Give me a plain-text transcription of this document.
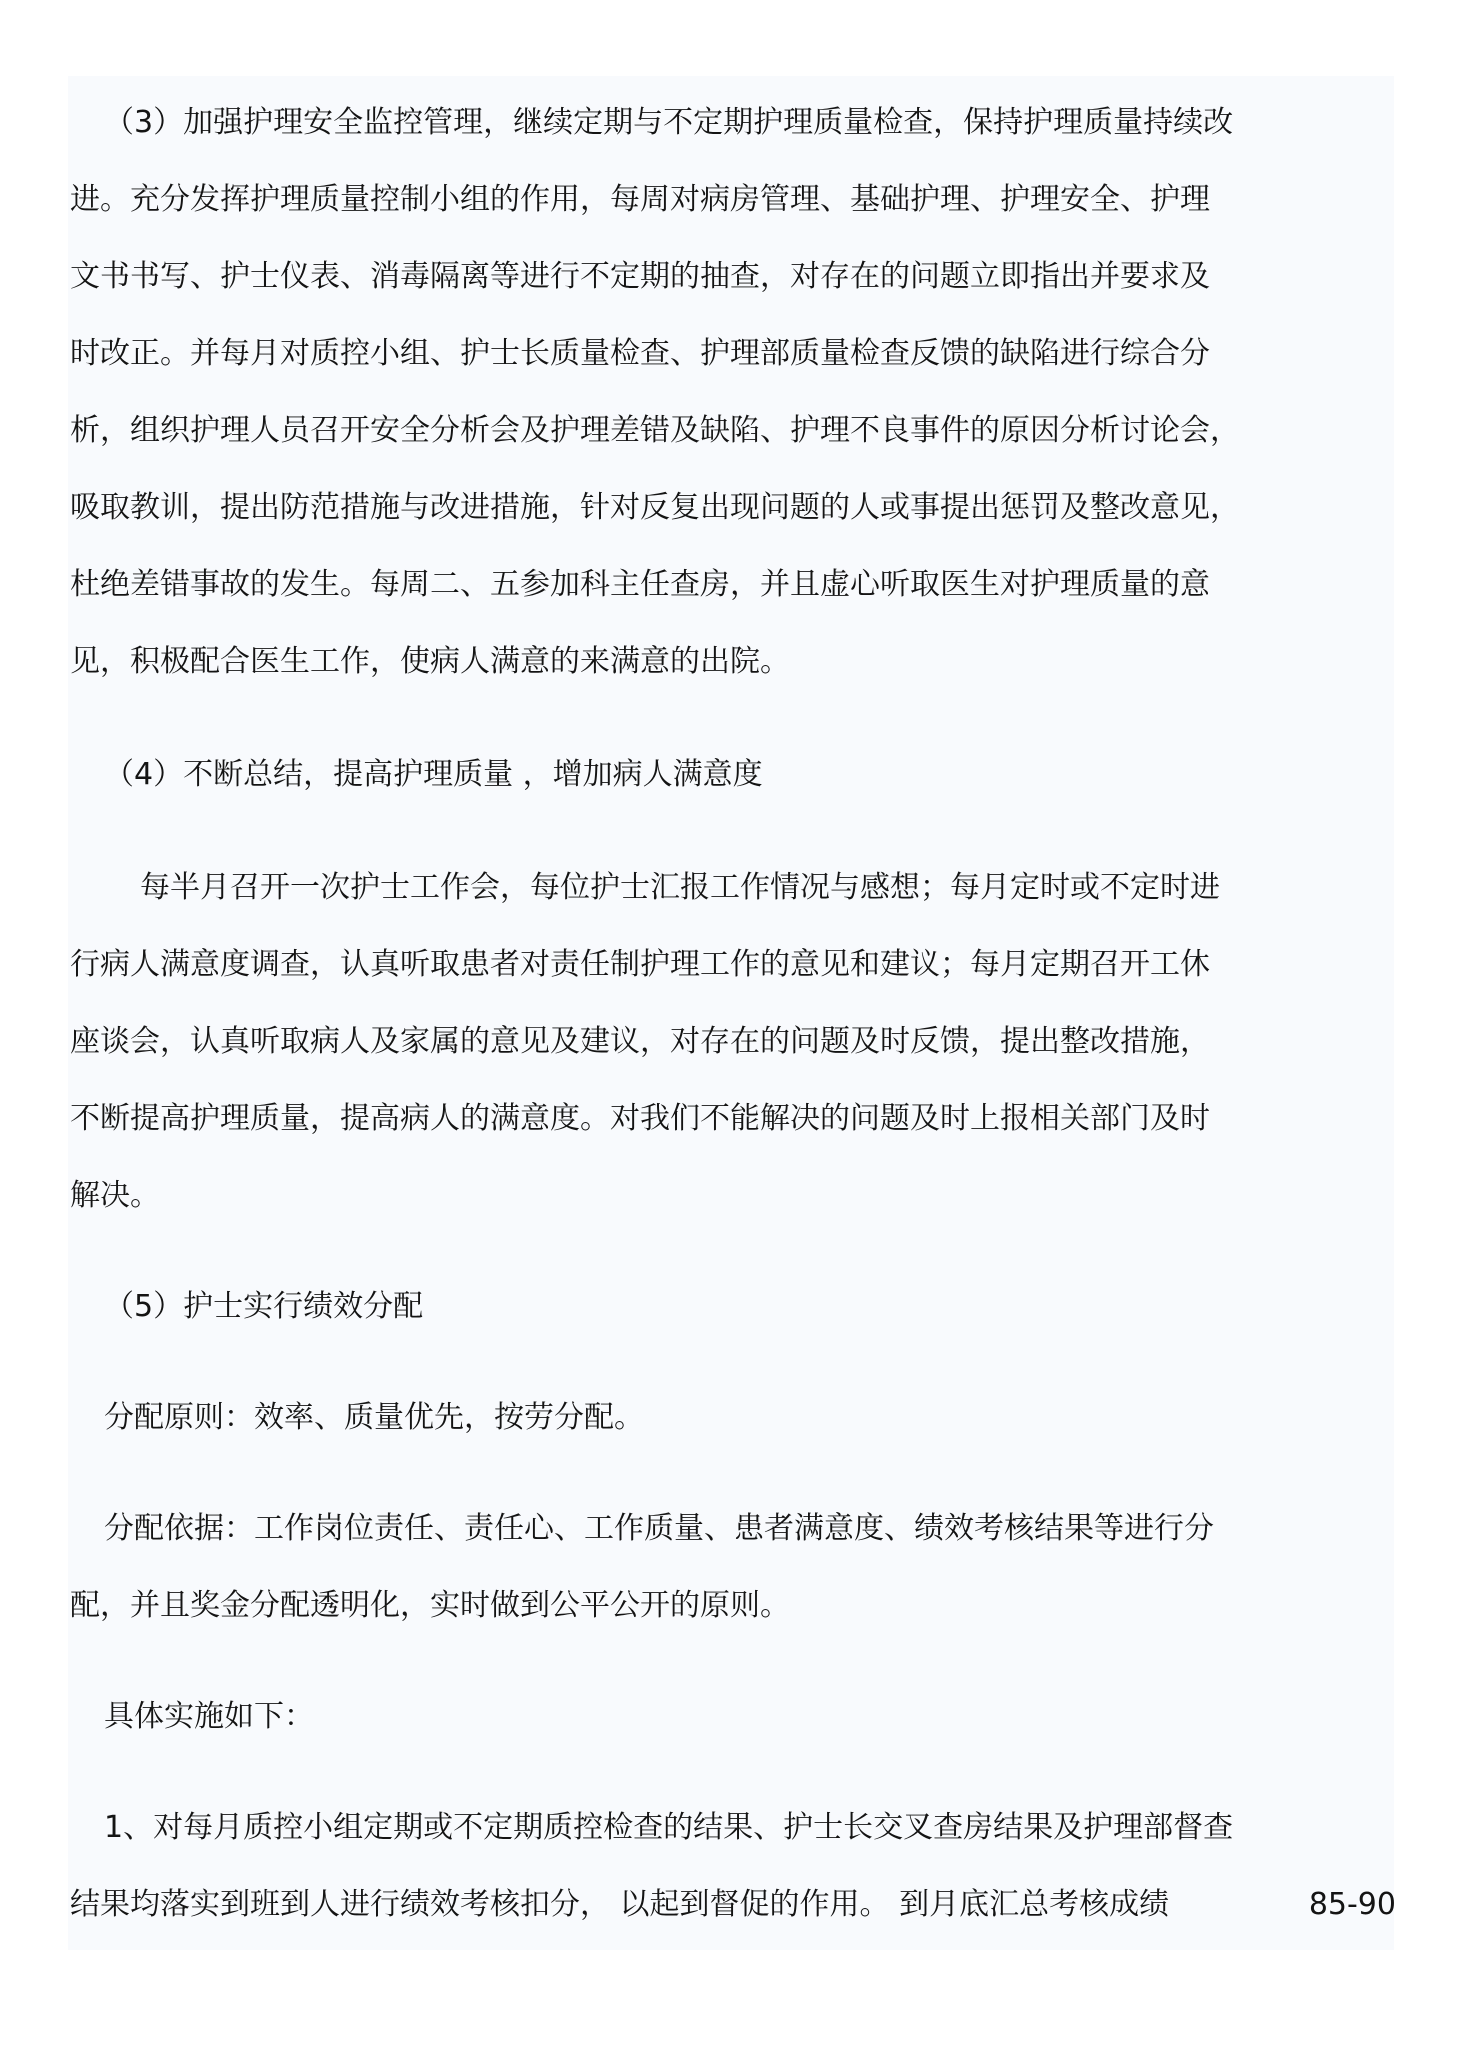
（3）加强护理安全监控管理，继续定期与不定期护理质量检查，保持护理质量持续改

进。充分发挥护理质量控制小组的作用，每周对病房管理、基础护理、护理安全、护理

文书书写、护士仪表、消毒隔离等进行不定期的抽查，对存在的问题立即指出并要求及

时改正。并每月对质控小组、护士长质量检查、护理部质量检查反馈的缺陷进行综合分

析，组织护理人员召开安全分析会及护理差错及缺陷、护理不良事件的原因分析讨论会，

吸取教训，提出防范措施与改进措施，针对反复出现问题的人或事提出惩罚及整改意见，

杜绝差错事故的发生。每周二、五参加科主任查房，并且虚心听取医生对护理质量的意

见，积极配合医生工作，使病人满意的来满意的出院。

（4）不断总结，提高护理质量 ，增加病人满意度

每半月召开一次护士工作会，每位护士汇报工作情况与感想；每月定时或不定时进

行病人满意度调查，认真听取患者对责任制护理工作的意见和建议；每月定期召开工休

座谈会，认真听取病人及家属的意见及建议，对存在的问题及时反馈，提出整改措施，

不断提高护理质量，提高病人的满意度。对我们不能解决的问题及时上报相关部门及时

解决。

（5）护士实行绩效分配

分配原则：效率、质量优先，按劳分配。

分配依据：工作岗位责任、责任心、工作质量、患者满意度、绩效考核结果等进行分

配，并且奖金分配透明化，实时做到公平公开的原则。

具体实施如下：

1、对每月质控小组定期或不定期质控检查的结果、护士长交叉查房结果及护理部督查

结果均落实到班到人进行绩效考核扣分， 以起到督促的作用。 到月底汇总考核成绩	85-90
